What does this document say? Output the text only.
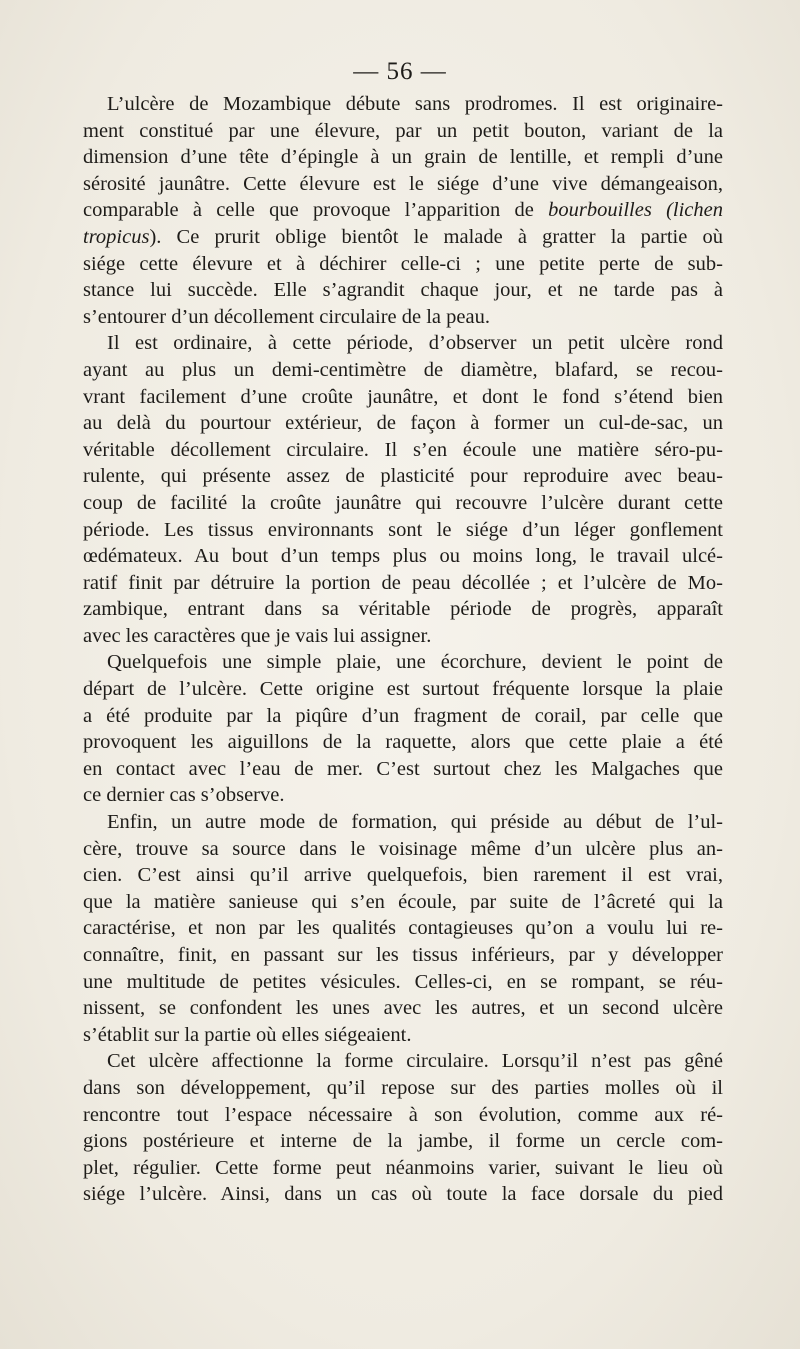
— 56 —
L’ulcère de Mozambique débute sans prodromes. Il est originaire-
ment constitué par une élevure, par un petit bouton, variant de la
dimension d’une tête d’épingle à un grain de lentille, et rempli d’une
sérosité jaunâtre. Cette élevure est le siége d’une vive démangeaison,
comparable à celle que provoque l’apparition de bourbouilles (lichen
tropicus). Ce prurit oblige bientôt le malade à gratter la partie où
siége cette élevure et à déchirer celle-ci ; une petite perte de sub-
stance lui succède. Elle s’agrandit chaque jour, et ne tarde pas à
s’entourer d’un décollement circulaire de la peau.
Il est ordinaire, à cette période, d’observer un petit ulcère rond
ayant au plus un demi-centimètre de diamètre, blafard, se recou-
vrant facilement d’une croûte jaunâtre, et dont le fond s’étend bien
au delà du pourtour extérieur, de façon à former un cul-de-sac, un
véritable décollement circulaire. Il s’en écoule une matière séro-pu-
rulente, qui présente assez de plasticité pour reproduire avec beau-
coup de facilité la croûte jaunâtre qui recouvre l’ulcère durant cette
période. Les tissus environnants sont le siége d’un léger gonflement
œdémateux. Au bout d’un temps plus ou moins long, le travail ulcé-
ratif finit par détruire la portion de peau décollée ; et l’ulcère de Mo-
zambique, entrant dans sa véritable période de progrès, apparaît
avec les caractères que je vais lui assigner.
Quelquefois une simple plaie, une écorchure, devient le point de
départ de l’ulcère. Cette origine est surtout fréquente lorsque la plaie
a été produite par la piqûre d’un fragment de corail, par celle que
provoquent les aiguillons de la raquette, alors que cette plaie a été
en contact avec l’eau de mer. C’est surtout chez les Malgaches que
ce dernier cas s’observe.
Enfin, un autre mode de formation, qui préside au début de l’ul-
cère, trouve sa source dans le voisinage même d’un ulcère plus an-
cien. C’est ainsi qu’il arrive quelquefois, bien rarement il est vrai,
que la matière sanieuse qui s’en écoule, par suite de l’âcreté qui la
caractérise, et non par les qualités contagieuses qu’on a voulu lui re-
connaître, finit, en passant sur les tissus inférieurs, par y développer
une multitude de petites vésicules. Celles-ci, en se rompant, se réu-
nissent, se confondent les unes avec les autres, et un second ulcère
s’établit sur la partie où elles siégeaient.
Cet ulcère affectionne la forme circulaire. Lorsqu’il n’est pas gêné
dans son développement, qu’il repose sur des parties molles où il
rencontre tout l’espace nécessaire à son évolution, comme aux ré-
gions postérieure et interne de la jambe, il forme un cercle com-
plet, régulier. Cette forme peut néanmoins varier, suivant le lieu où
siége l’ulcère. Ainsi, dans un cas où toute la face dorsale du pied
